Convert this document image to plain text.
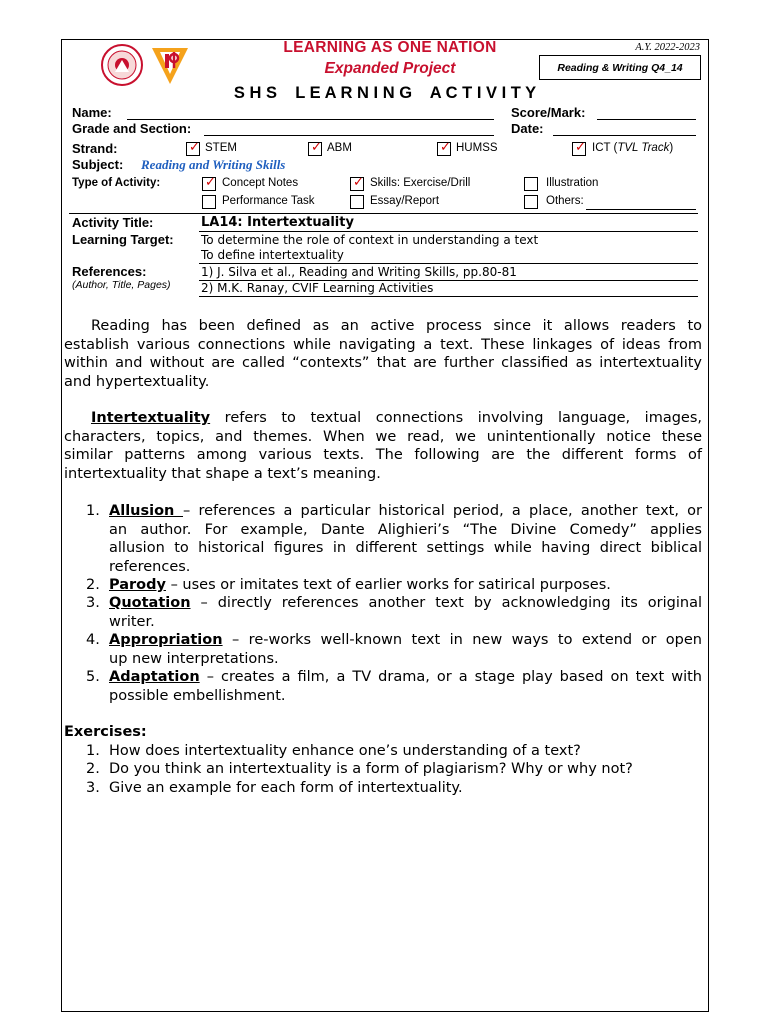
LEARNING AS ONE NATION
Expanded Project
A.Y. 2022-2023
Reading & Writing Q4_14
S H S    L E A R N I N G    A C T I V I T Y
Name:	Score/Mark:
Grade and Section:	Date:
Strand:	✓ STEM	✓ ABM	✓ HUMSS	✓ ICT (TVL Track)
Subject: Reading and Writing Skills
Type of Activity:	✓ Concept Notes	✓ Skills: Exercise/Drill	Illustration
Performance Task	Essay/Report	Others:
Activity Title:	LA14: Intertextuality
Learning Target: To determine the role of context in understanding a text
To define intertextuality
References:
(Author, Title, Pages)
1) J. Silva et al., Reading and Writing Skills, pp.80-81
2) M.K. Ranay, CVIF Learning Activities
Reading has been defined as an active process since it allows readers to
establish various connections while navigating a text. These linkages of ideas from
within and without are called “contexts” that are further classified as intertextuality
and hypertextuality.
Intertextuality refers to textual connections involving language, images,
characters, topics, and themes. When we read, we unintentionally notice these
similar patterns among various texts. The following are the different forms of
intertextuality that shape a text’s meaning.
1. Allusion – references a particular historical period, a place, another text, or
an author. For example, Dante Alighieri’s “The Divine Comedy” applies
allusion to historical figures in different settings while having direct biblical
references.
2. Parody – uses or imitates text of earlier works for satirical purposes.
3. Quotation – directly references another text by acknowledging its original
writer.
4. Appropriation – re-works well-known text in new ways to extend or open
up new interpretations.
5. Adaptation – creates a film, a TV drama, or a stage play based on text with
possible embellishment.
Exercises:
1. How does intertextuality enhance one’s understanding of a text?
2. Do you think an intertextuality is a form of plagiarism? Why or why not?
3. Give an example for each form of intertextuality.
